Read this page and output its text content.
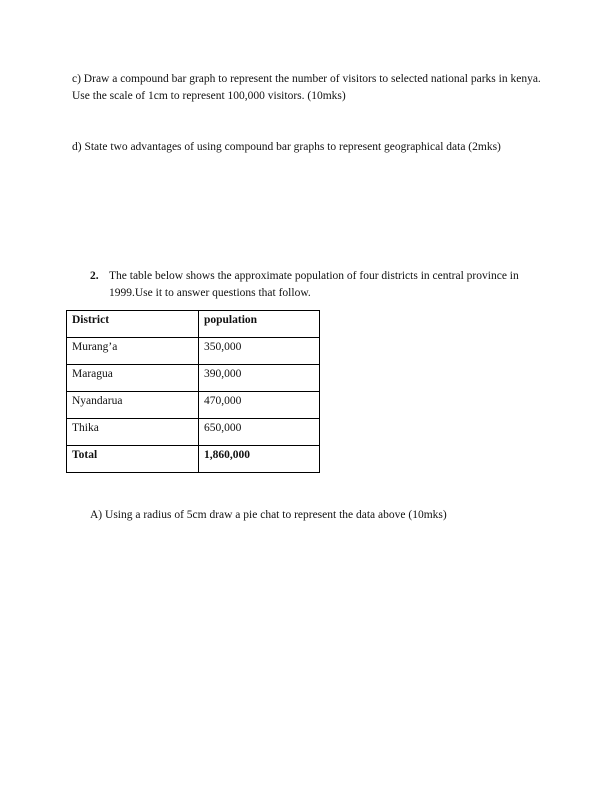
c) Draw a compound bar graph to represent the number of visitors to selected national parks in kenya. Use the scale of 1cm to represent 100,000 visitors. (10mks)

d) State two advantages of using compound bar graphs to represent geographical data (2mks)

2. The table below shows the approximate population of four districts in central province in 1999.Use it to answer questions that follow.
District	population
Murang’a	350,000
Maragua	390,000
Nyandarua	470,000
Thika	650,000
Total	1,860,000

A) Using a radius of 5cm draw a pie chat to represent the data above (10mks)
